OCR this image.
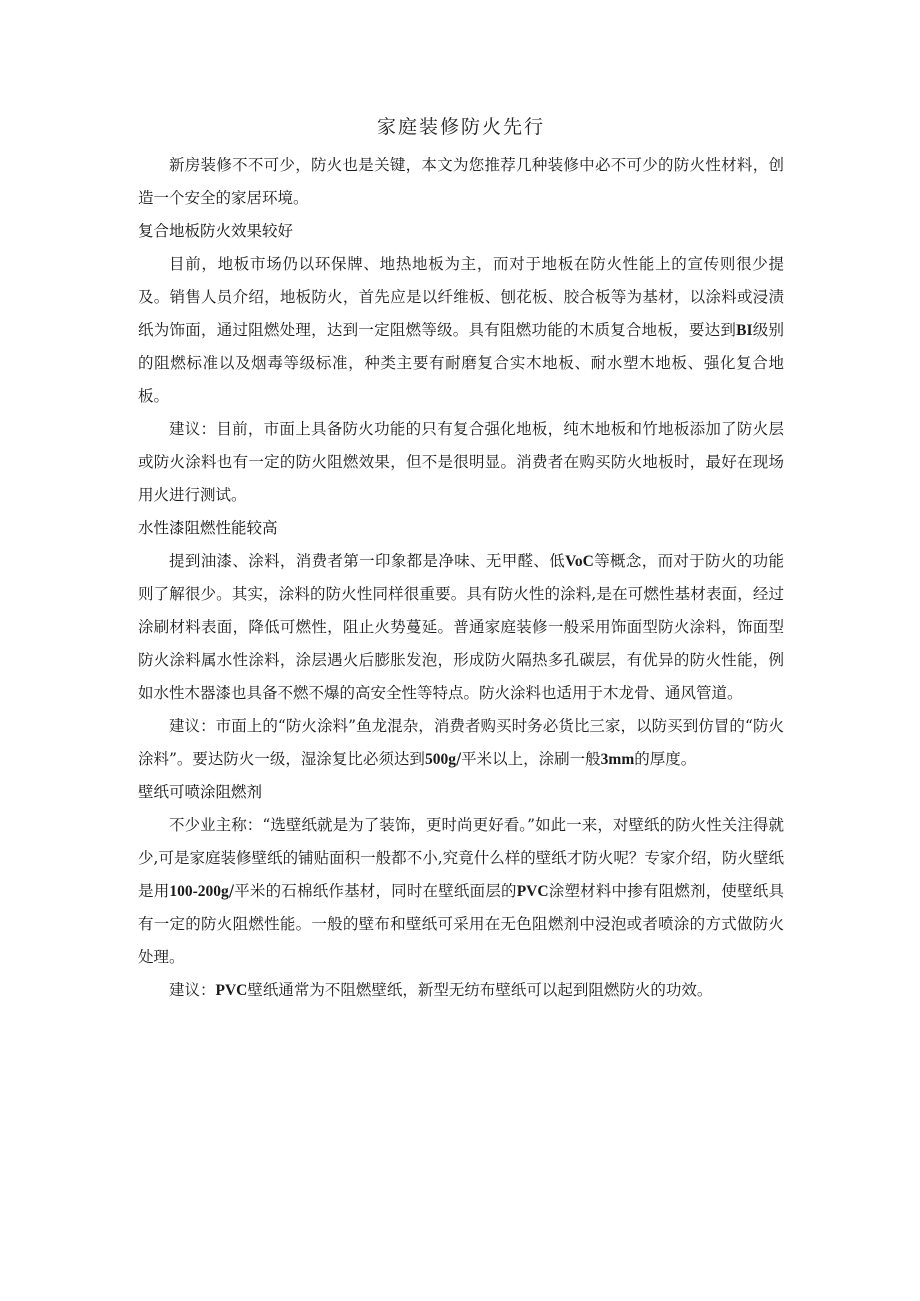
家庭装修防火先行

新房装修不不可少，防火也是关键，本文为您推荐几种装修中必不可少的防火性材料，创造一个安全的家居环境。

复合地板防火效果较好

目前，地板市场仍以环保牌、地热地板为主，而对于地板在防火性能上的宣传则很少提及。销售人员介绍，地板防火，首先应是以纤维板、刨花板、胶合板等为基材，以涂料或浸渍纸为饰面，通过阻燃处理，达到一定阻燃等级。具有阻燃功能的木质复合地板，要达到BI级别的阻燃标准以及烟毒等级标准，种类主要有耐磨复合实木地板、耐水塑木地板、强化复合地板。

建议：目前，市面上具备防火功能的只有复合强化地板，纯木地板和竹地板添加了防火层或防火涂料也有一定的防火阻燃效果，但不是很明显。消费者在购买防火地板时，最好在现场用火进行测试。

水性漆阻燃性能较高

提到油漆、涂料，消费者第一印象都是净味、无甲醛、低VoC等概念，而对于防火的功能则了解很少。其实，涂料的防火性同样很重要。具有防火性的涂料,是在可燃性基材表面，经过涂刷材料表面，降低可燃性，阻止火势蔓延。普通家庭装修一般采用饰面型防火涂料，饰面型防火涂料属水性涂料，涂层遇火后膨胀发泡，形成防火隔热多孔碳层，有优异的防火性能，例如水性木器漆也具备不燃不爆的高安全性等特点。防火涂料也适用于木龙骨、通风管道。

建议：市面上的“防火涂料”鱼龙混杂，消费者购买时务必货比三家，以防买到仿冒的“防火涂料”。要达防火一级，湿涂复比必须达到500g/平米以上，涂刷一般3mm的厚度。

壁纸可喷涂阻燃剂

不少业主称：“选壁纸就是为了装饰，更时尚更好看。”如此一来，对壁纸的防火性关注得就少,可是家庭装修壁纸的铺贴面积一般都不小,究竟什么样的壁纸才防火呢？专家介绍，防火壁纸是用100-200g/平米的石棉纸作基材，同时在壁纸面层的PVC涂塑材料中掺有阻燃剂，使壁纸具有一定的防火阻燃性能。一般的壁布和壁纸可采用在无色阻燃剂中浸泡或者喷涂的方式做防火处理。

建议：PVC壁纸通常为不阻燃壁纸，新型无纺布壁纸可以起到阻燃防火的功效。
